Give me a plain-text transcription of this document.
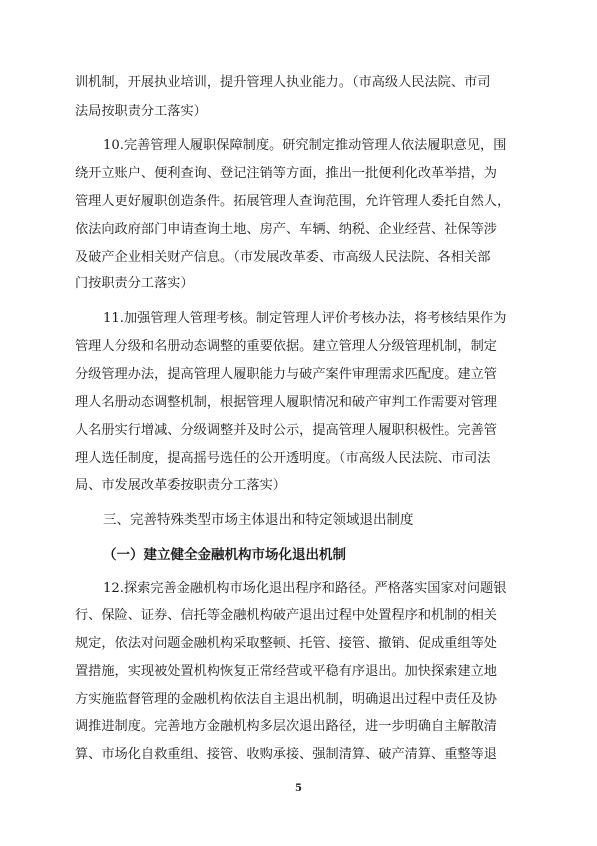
训机制，开展执业培训，提升管理人执业能力。（市高级人民法院、市司
法局按职责分工落实）
10.完善管理人履职保障制度。研究制定推动管理人依法履职意见，围
绕开立账户、便利查询、登记注销等方面，推出一批便利化改革举措，为
管理人更好履职创造条件。拓展管理人查询范围，允许管理人委托自然人，
依法向政府部门申请查询土地、房产、车辆、纳税、企业经营、社保等涉
及破产企业相关财产信息。（市发展改革委、市高级人民法院、各相关部
门按职责分工落实）
11.加强管理人管理考核。制定管理人评价考核办法，将考核结果作为
管理人分级和名册动态调整的重要依据。建立管理人分级管理机制，制定
分级管理办法，提高管理人履职能力与破产案件审理需求匹配度。建立管
理人名册动态调整机制，根据管理人履职情况和破产审判工作需要对管理
人名册实行增减、分级调整并及时公示，提高管理人履职积极性。完善管
理人选任制度，提高摇号选任的公开透明度。（市高级人民法院、市司法
局、市发展改革委按职责分工落实）
三、完善特殊类型市场主体退出和特定领域退出制度
（一）建立健全金融机构市场化退出机制
12.探索完善金融机构市场化退出程序和路径。严格落实国家对问题银
行、保险、证券、信托等金融机构破产退出过程中处置程序和机制的相关
规定，依法对问题金融机构采取整顿、托管、接管、撤销、促成重组等处
置措施，实现被处置机构恢复正常经营或平稳有序退出。加快探索建立地
方实施监督管理的金融机构依法自主退出机制，明确退出过程中责任及协
调推进制度。完善地方金融机构多层次退出路径，进一步明确自主解散清
算、市场化自救重组、接管、收购承接、强制清算、破产清算、重整等退
5
